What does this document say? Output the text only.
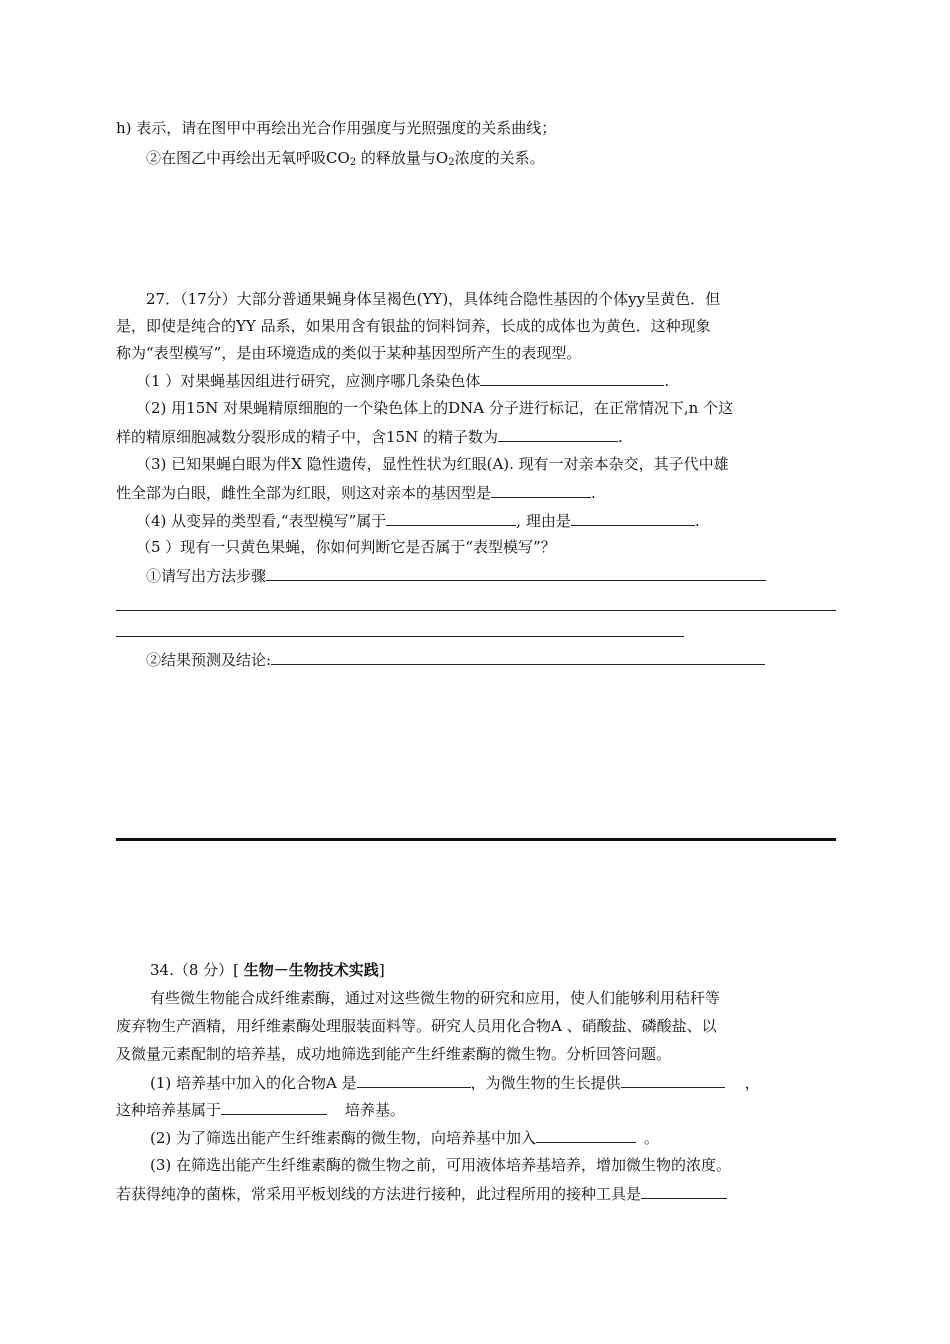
h) 表示，请在图甲中再绘出光合作用强度与光照强度的关系曲线；
②在图乙中再绘出无氧呼吸$CO_2$ 的释放量与$O_2$浓度的关系。
27．（17分）大部分普通果蝇身体呈褐色(YY)，具体纯合隐性基因的个体yy呈黄色．但
是，即使是纯合的YY 品系，如果用含有银盐的饲料饲养，长成的成体也为黄色．这种现象
称为“表型模写”，是由环境造成的类似于某种基因型所产生的表现型。
（1 ）对果蝇基因组进行研究，应测序哪几条染色体	.
（2) 用15N 对果蝇精原细胞的一个染色体上的DNA 分子进行标记，在正常情况下,n 个这
样的精原细胞减数分裂形成的精子中，含15N 的精子数为	.
（3) 已知果蝇白眼为伴X 隐性遗传，显性性状为红眼(A). 现有一对亲本杂交，其子代中雄
性全部为白眼，雌性全部为红眼，则这对亲本的基因型是	.
（4) 从变异的类型看,“表型模写”属于	, 理由是	.
（5 ）现有一只黄色果蝇，你如何判断它是否属于“表型模写”？
①请写出方法步骤
②结果预测及结论:
34.（8 分）[ 生物－生物技术实践]
有些微生物能合成纤维素酶，通过对这些微生物的研究和应用，使人们能够利用秸秆等
废弃物生产酒精，用纤维素酶处理服装面料等。研究人员用化合物A 、硝酸盐、磷酸盐、以
及微量元素配制的培养基，成功地筛选到能产生纤维素酶的微生物。分析回答问题。
(1) 培养基中加入的化合物A 是	，为微生物的生长提供	，
这种培养基属于	培养基。
(2) 为了筛选出能产生纤维素酶的微生物，向培养基中加入	。
(3) 在筛选出能产生纤维素酶的微生物之前，可用液体培养基培养，增加微生物的浓度。
若获得纯净的菌株，常采用平板划线的方法进行接种，此过程所用的接种工具是
